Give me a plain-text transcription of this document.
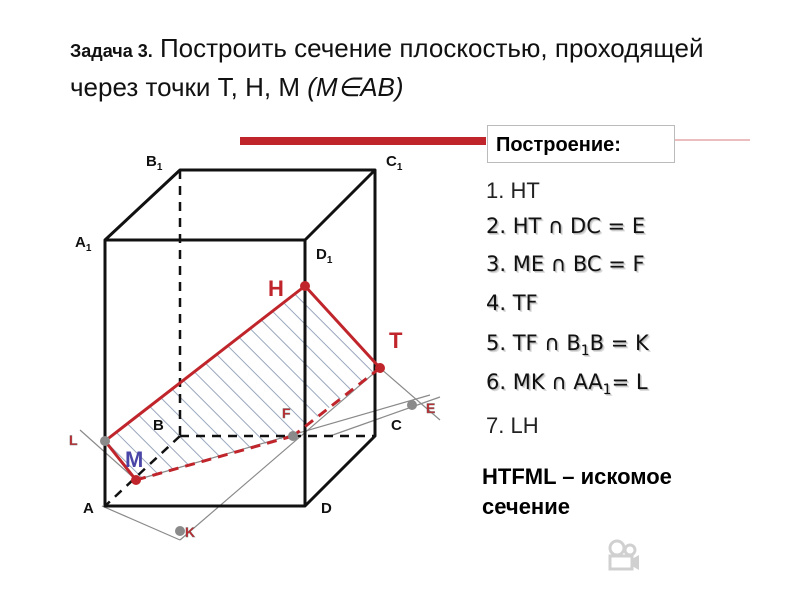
Задача 3. Построить сечение плоскостью, проходящей через точки T, H, M (M∈AB)
$B_1$	$C_1$
$A_1$	$D_1$
B	C
A	D
H
T
M
F	E
L
K
Построение:
1. HT
2. HT ∩ DC = E
3. ME ∩ BC = F
4. TF
5. TF ∩ $B_1B = K$
6. MK ∩ $AA_1= L$
7. LH
HTFML – искомое
сечение
